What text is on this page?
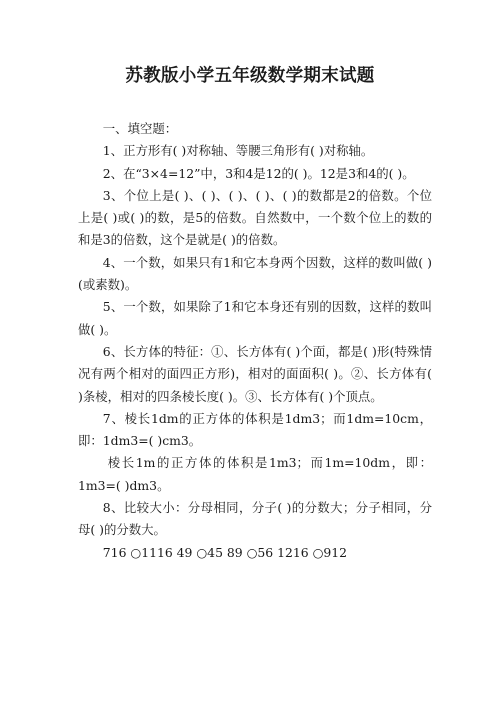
苏教版小学五年级数学期末试题

一、填空题：

1、正方形有( )对称轴、等腰三角形有( )对称轴。

2、在“3×4=12”中，3和4是12的( )。12是3和4的( )。

3、个位上是( )、( )、( )、( )、( )的数都是2的倍数。个位上是( )或( )的数，是5的倍数。自然数中，一个数个位上的数的和是3的倍数，这个是就是( )的倍数。

4、一个数，如果只有1和它本身两个因数，这样的数叫做( )(或素数)。

5、一个数，如果除了1和它本身还有别的因数，这样的数叫做( )。

6、长方体的特征：①、长方体有( )个面，都是( )形(特殊情况有两个相对的面四正方形)，相对的面面积( )。②、长方体有( )条棱，相对的四条棱长度( )。③、长方体有( )个顶点。

7、棱长1dm的正方体的体积是1dm3；而1dm=10cm，即：1dm3=( )cm3。

棱长1m的正方体的体积是1m3；而1m=10dm，即：1m3=( )dm3。

8、比较大小：分母相同，分子( )的分数大；分子相同，分母( )的分数大。

716 ○1116 49 ○45 89 ○56 1216 ○912
